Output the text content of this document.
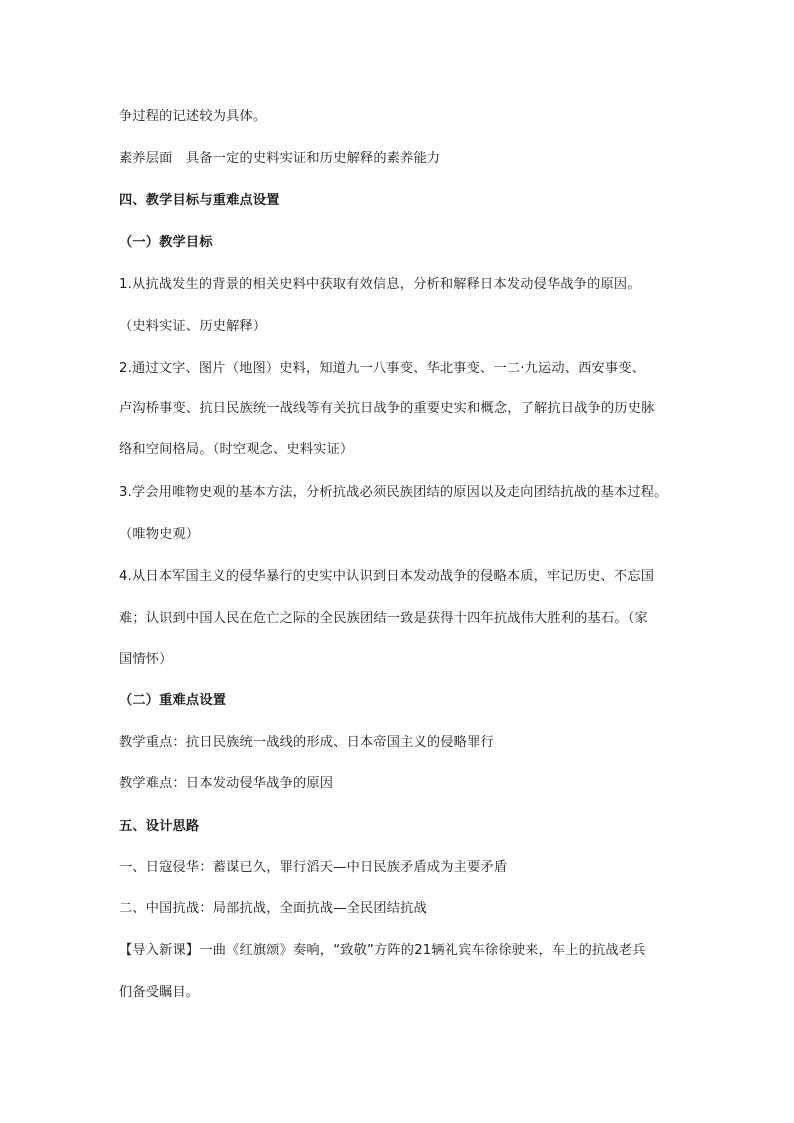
争过程的记述较为具体。
素养层面　具备一定的史料实证和历史解释的素养能力
四、教学目标与重难点设置
（一）教学目标
1.从抗战发生的背景的相关史料中获取有效信息，分析和解释日本发动侵华战争的原因。
（史料实证、历史解释）
2.通过文字、图片（地图）史料，知道九一八事变、华北事变、一二·九运动、西安事变、
卢沟桥事变、抗日民族统一战线等有关抗日战争的重要史实和概念，了解抗日战争的历史脉
络和空间格局。（时空观念、史料实证）
3.学会用唯物史观的基本方法，分析抗战必须民族团结的原因以及走向团结抗战的基本过程。
（唯物史观）
4.从日本军国主义的侵华暴行的史实中认识到日本发动战争的侵略本质，牢记历史、不忘国
难；认识到中国人民在危亡之际的全民族团结一致是获得十四年抗战伟大胜利的基石。（家
国情怀）
（二）重难点设置
教学重点：抗日民族统一战线的形成、日本帝国主义的侵略罪行
教学难点：日本发动侵华战争的原因
五、设计思路
一、日寇侵华：蓄谋已久，罪行滔天—中日民族矛盾成为主要矛盾
二、中国抗战：局部抗战，全面抗战—全民团结抗战
【导入新课】一曲《红旗颂》奏响，“致敬”方阵的21辆礼宾车徐徐驶来，车上的抗战老兵
们备受瞩目。
